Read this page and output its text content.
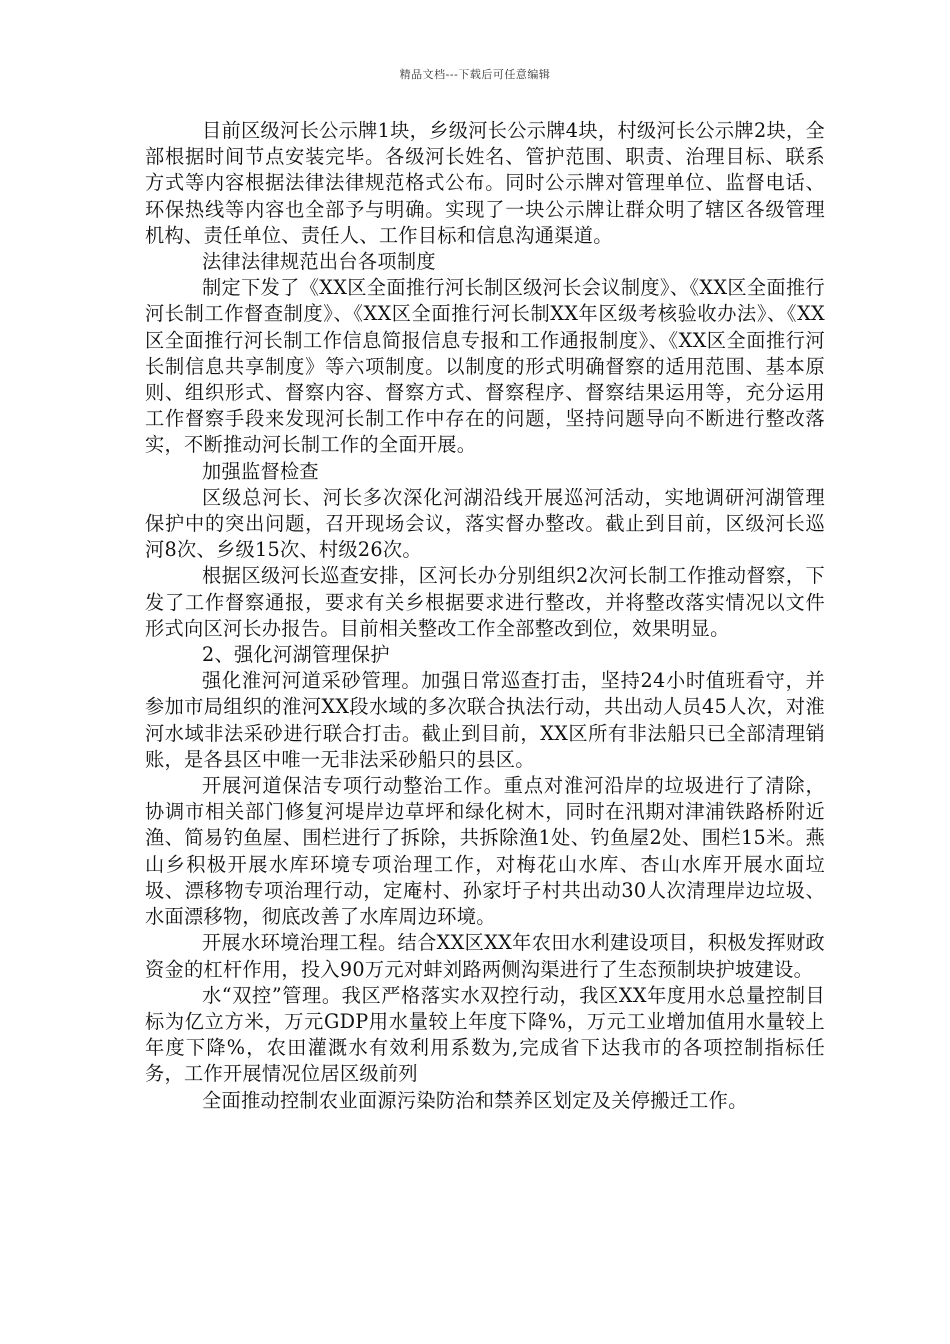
精品文档---下载后可任意编辑

目前区级河长公示牌1块，乡级河长公示牌4块，村级河长公示牌2块，全部根据时间节点安装完毕。各级河长姓名、管护范围、职责、治理目标、联系方式等内容根据法律法律规范格式公布。同时公示牌对管理单位、监督电话、环保热线等内容也全部予与明确。实现了一块公示牌让群众明了辖区各级管理机构、责任单位、责任人、工作目标和信息沟通渠道。

法律法律规范出台各项制度

制定下发了《XX区全面推行河长制区级河长会议制度》、《XX区全面推行河长制工作督查制度》、《XX区全面推行河长制XX年区级考核验收办法》、《XX区全面推行河长制工作信息简报信息专报和工作通报制度》、《XX区全面推行河长制信息共享制度》等六项制度。以制度的形式明确督察的适用范围、基本原则、组织形式、督察内容、督察方式、督察程序、督察结果运用等，充分运用工作督察手段来发现河长制工作中存在的问题，坚持问题导向不断进行整改落实，不断推动河长制工作的全面开展。

加强监督检查

区级总河长、河长多次深化河湖沿线开展巡河活动，实地调研河湖管理保护中的突出问题，召开现场会议，落实督办整改。截止到目前，区级河长巡河8次、乡级15次、村级26次。

根据区级河长巡查安排，区河长办分别组织2次河长制工作推动督察，下发了工作督察通报，要求有关乡根据要求进行整改，并将整改落实情况以文件形式向区河长办报告。目前相关整改工作全部整改到位，效果明显。

2、强化河湖管理保护

强化淮河河道采砂管理。加强日常巡查打击，坚持24小时值班看守，并参加市局组织的淮河XX段水域的多次联合执法行动，共出动人员45人次，对淮河水域非法采砂进行联合打击。截止到目前，XX区所有非法船只已全部清理销账，是各县区中唯一无非法采砂船只的县区。

开展河道保洁专项行动整治工作。重点对淮河沿岸的垃圾进行了清除，协调市相关部门修复河堤岸边草坪和绿化树木，同时在汛期对津浦铁路桥附近渔、简易钓鱼屋、围栏进行了拆除，共拆除渔1处、钓鱼屋2处、围栏15米。燕山乡积极开展水库环境专项治理工作，对梅花山水库、杏山水库开展水面垃圾、漂移物专项治理行动，定庵村、孙家圩子村共出动30人次清理岸边垃圾、水面漂移物，彻底改善了水库周边环境。

开展水环境治理工程。结合XX区XX年农田水利建设项目，积极发挥财政资金的杠杆作用，投入90万元对蚌刘路两侧沟渠进行了生态预制块护坡建设。

水“双控”管理。我区严格落实水双控行动，我区XX年度用水总量控制目标为亿立方米，万元GDP用水量较上年度下降%，万元工业增加值用水量较上年度下降%，农田灌溉水有效利用系数为,完成省下达我市的各项控制指标任务，工作开展情况位居区级前列

全面推动控制农业面源污染防治和禁养区划定及关停搬迁工作。
